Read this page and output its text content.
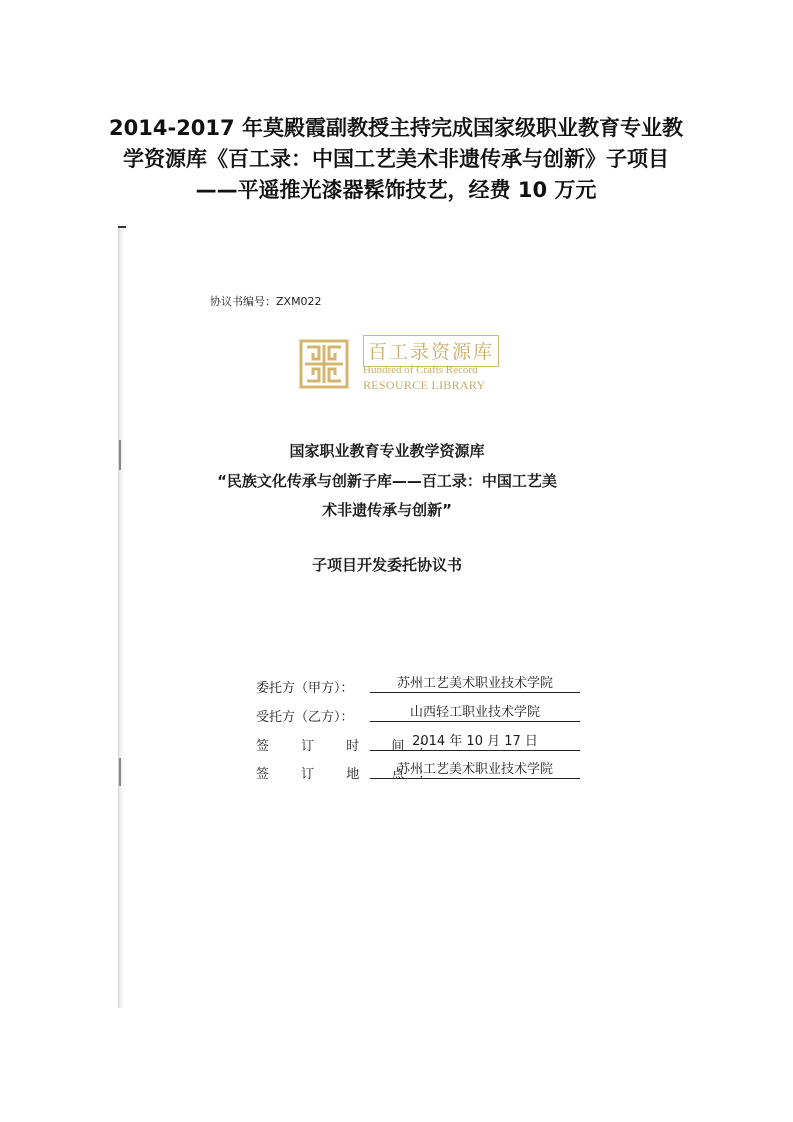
2014-2017 年莫殿霞副教授主持完成国家级职业教育专业教
学资源库《百工录：中国工艺美术非遗传承与创新》子项目
——平遥推光漆器髹饰技艺，经费 10 万元
协议书编号：ZXM022
百工录资源库
Hundred of Crafts Record
RESOURCE LIBRARY
国家职业教育专业教学资源库
“民族文化传承与创新子库——百工录：中国工艺美
术非遗传承与创新”
子项目开发委托协议书
委托方（甲方）：	苏州工艺美术职业技术学院
受托方（乙方）：	山西轻工职业技术学院
签 订 时 间：
2014 年 10 月 17 日
签 订 地 点：
苏州工艺美术职业技术学院
